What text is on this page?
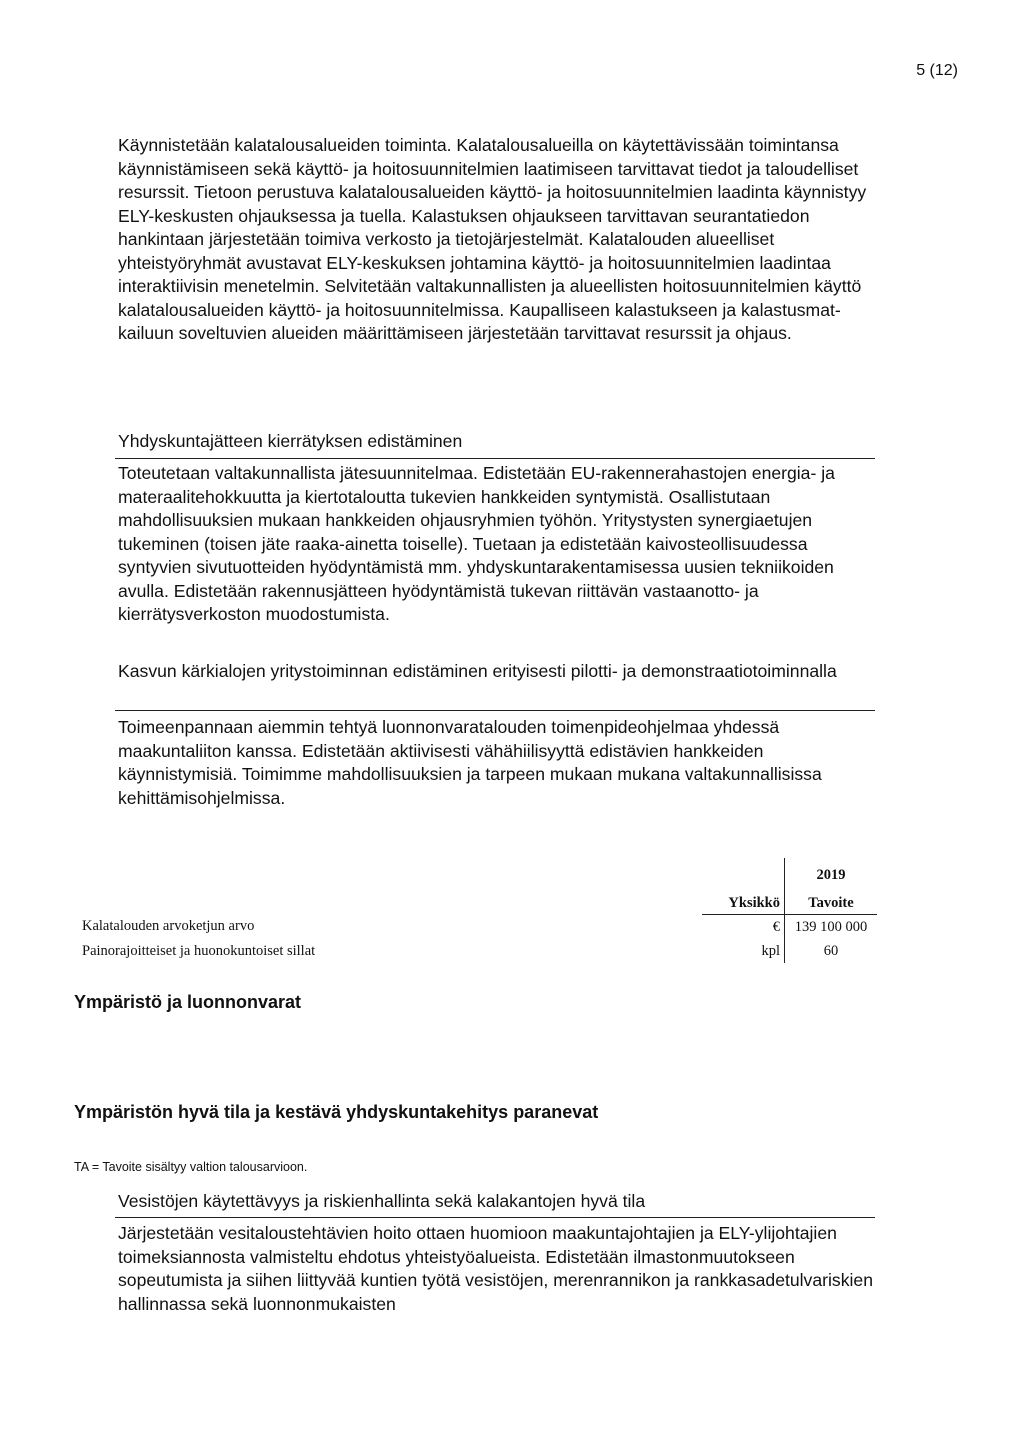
5 (12)

Käynnistetään kalatalousalueiden toiminta. Kalatalousalueilla on käytettävissään toimintansa käynnistämiseen sekä käyttö- ja hoitosuunnitelmien laatimiseen tarvittavat tiedot ja taloudelliset resurssit. Tietoon perustuva kalatalousalueiden käyttö- ja hoitosuunnitelmien laadinta käynnistyy ELY-keskusten ohjauksessa ja tuella. Kalastuksen ohjaukseen tarvittavan seurantatiedon hankintaan järjestetään toimiva verkosto ja tietojärjestelmät. Kalatalouden alueelliset yhteistyöryhmät avustavat ELY-keskuksen johtamina käyttö- ja hoitosuunnitelmien laadintaa interaktiivisin menetelmin. Selvitetään valtakunnallisten ja alueellisten hoitosuunnitelmien käyttö kalatalousalueiden käyttö- ja hoitosuunnitelmissa. Kaupalliseen kalastukseen ja kalastusmat-kailuun soveltuvien alueiden määrittämiseen järjestetään tarvittavat resurssit ja ohjaus.

Yhdyskuntajätteen kierrätyksen edistäminen

Toteutetaan valtakunnallista jätesuunnitelmaa. Edistetään EU-rakennerahastojen energia- ja materaalitehokkuutta ja kiertotaloutta tukevien hankkeiden syntymistä. Osallistutaan mahdollisuuksien mukaan hankkeiden ohjausryhmien työhön. Yritystysten synergiaetujen tukeminen (toisen jäte raaka-ainetta toiselle). Tuetaan ja edistetään kaivosteollisuudessa syntyvien sivutuotteiden hyödyntämistä mm. yhdyskuntarakentamisessa uusien tekniikoiden avulla. Edistetään rakennusjätteen hyödyntämistä tukevan riittävän vastaanotto- ja kierrätysverkoston muodostumista.

Kasvun kärkialojen yritystoiminnan edistäminen erityisesti pilotti- ja demonstraatiotoiminnalla

Toimeenpannaan aiemmin tehtyä luonnonvaratalouden toimenpideohjelmaa yhdessä maakuntaliiton kanssa. Edistetään aktiivisesti vähähiilisyyttä edistävien hankkeiden käynnistymisiä. Toimimme mahdollisuuksien ja tarpeen mukaan mukana valtakunnallisissa kehittämisohjelmissa.

		2019
	Yksikkö	Tavoite
Kalatalouden arvoketjun arvo	€	139 100 000
Painorajoitteiset ja huonokuntoiset sillat	kpl	60

Ympäristö ja luonnonvarat

Ympäristön hyvä tila ja kestävä yhdyskuntakehitys paranevat

TA = Tavoite sisältyy valtion talousarvioon.

Vesistöjen käytettävyys ja riskienhallinta sekä kalakantojen hyvä tila

Järjestetään vesitaloustehtävien hoito ottaen huomioon maakuntajohtajien ja ELY-ylijohtajien toimeksiannosta valmisteltu ehdotus yhteistyöalueista. Edistetään ilmastonmuutokseen sopeutumista ja siihen liittyvää kuntien työtä vesistöjen, merenrannikon ja rankkasadetulvariskien hallinnassa sekä luonnonmukaisten
